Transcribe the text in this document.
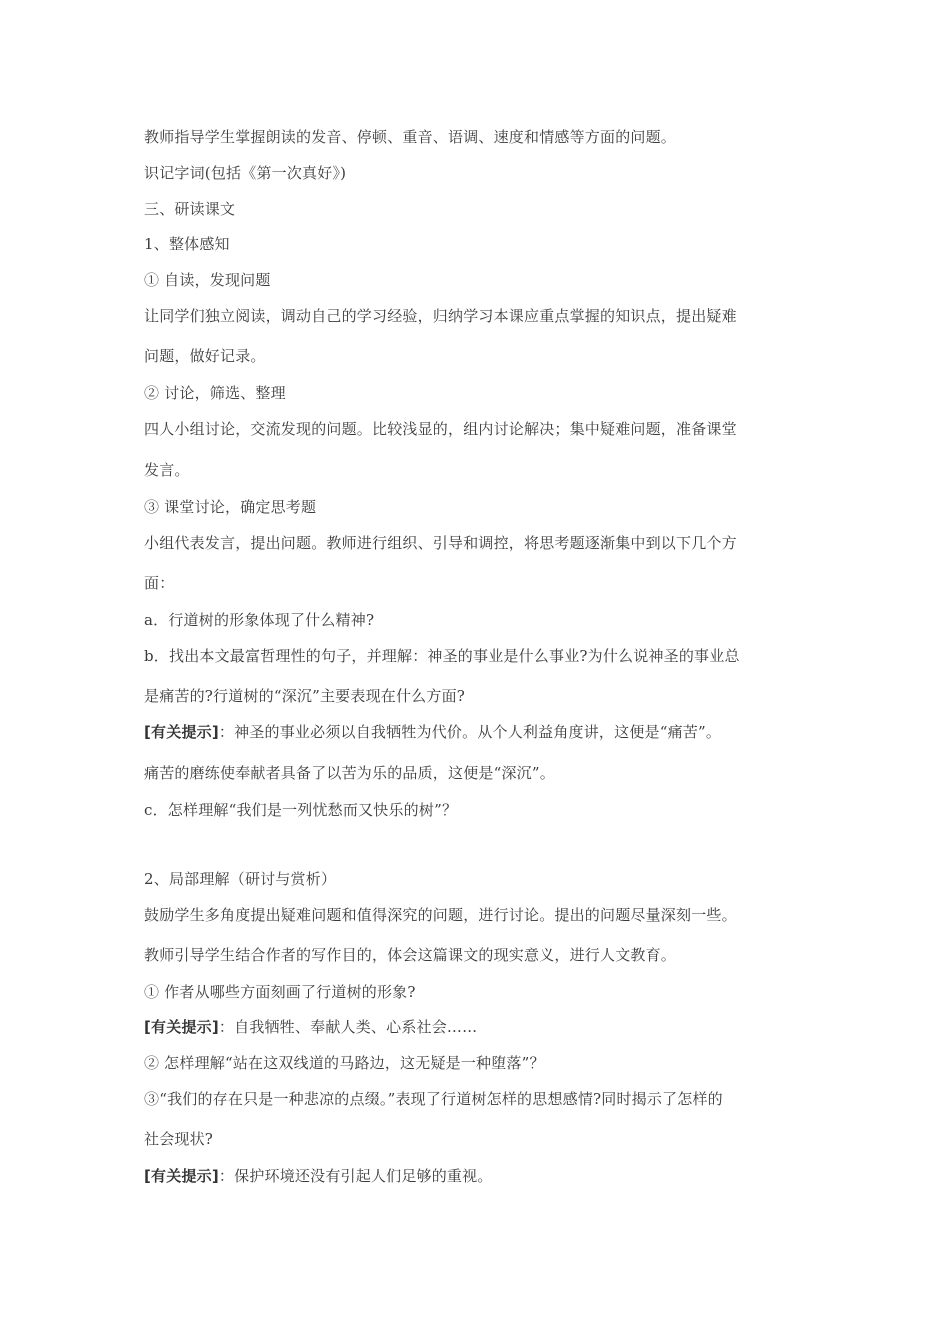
教师指导学生掌握朗读的发音、停顿、重音、语调、速度和情感等方面的问题。
识记字词(包括《第一次真好》)
三、研读课文
1、整体感知
① 自读，发现问题
让同学们独立阅读，调动自己的学习经验，归纳学习本课应重点掌握的知识点，提出疑难
问题，做好记录。
② 讨论，筛选、整理
四人小组讨论，交流发现的问题。比较浅显的，组内讨论解决；集中疑难问题，准备课堂
发言。
③ 课堂讨论，确定思考题
小组代表发言，提出问题。教师进行组织、引导和调控，将思考题逐渐集中到以下几个方
面：
a．行道树的形象体现了什么精神?
b．找出本文最富哲理性的句子，并理解：神圣的事业是什么事业?为什么说神圣的事业总
是痛苦的?行道树的“深沉”主要表现在什么方面?
[有关提示]：神圣的事业必须以自我牺牲为代价。从个人利益角度讲，这便是“痛苦”。
痛苦的磨练使奉献者具备了以苦为乐的品质，这便是“深沉”。
c．怎样理解“我们是一列忧愁而又快乐的树”？
2、局部理解（研讨与赏析）
鼓励学生多角度提出疑难问题和值得深究的问题，进行讨论。提出的问题尽量深刻一些。
教师引导学生结合作者的写作目的，体会这篇课文的现实意义，进行人文教育。
① 作者从哪些方面刻画了行道树的形象?
[有关提示]：自我牺牲、奉献人类、心系社会……
② 怎样理解“站在这双线道的马路边，这无疑是一种堕落”？
③“我们的存在只是一种悲凉的点缀。”表现了行道树怎样的思想感情?同时揭示了怎样的
社会现状?
[有关提示]：保护环境还没有引起人们足够的重视。
